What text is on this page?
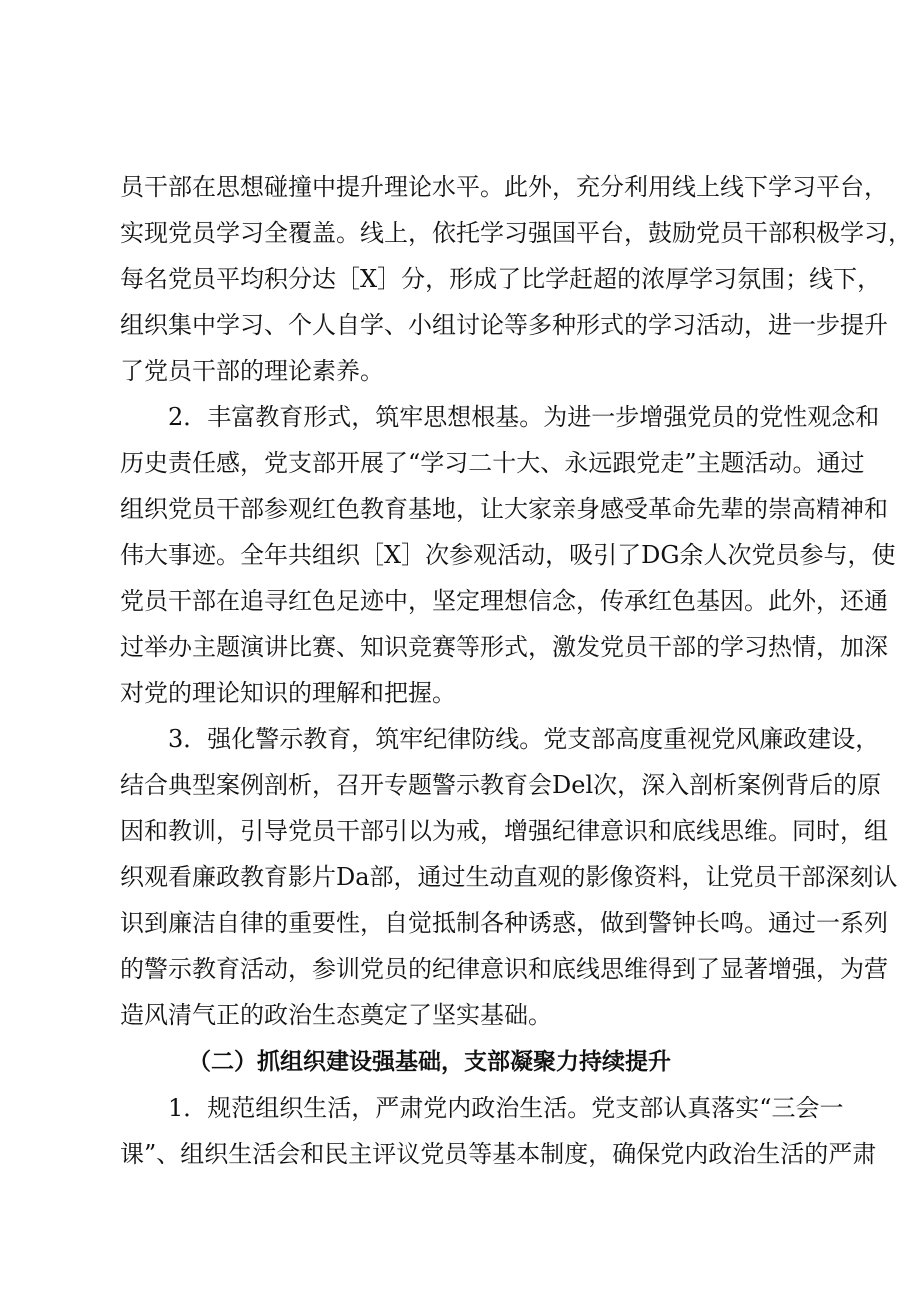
员干部在思想碰撞中提升理论水平。此外，充分利用线上线下学习平台，
实现党员学习全覆盖。线上，依托学习强国平台，鼓励党员干部积极学习，
每名党员平均积分达［X］分，形成了比学赶超的浓厚学习氛围；线下，
组织集中学习、个人自学、小组讨论等多种形式的学习活动，进一步提升
了党员干部的理论素养。
2．丰富教育形式，筑牢思想根基。为进一步增强党员的党性观念和
历史责任感，党支部开展了“学习二十大、永远跟党走”主题活动。通过
组织党员干部参观红色教育基地，让大家亲身感受革命先辈的崇高精神和
伟大事迹。全年共组织［X］次参观活动，吸引了DG余人次党员参与，使
党员干部在追寻红色足迹中，坚定理想信念，传承红色基因。此外，还通
过举办主题演讲比赛、知识竞赛等形式，激发党员干部的学习热情，加深
对党的理论知识的理解和把握。
3．强化警示教育，筑牢纪律防线。党支部高度重视党风廉政建设，
结合典型案例剖析，召开专题警示教育会Del次，深入剖析案例背后的原
因和教训，引导党员干部引以为戒，增强纪律意识和底线思维。同时，组
织观看廉政教育影片Da部，通过生动直观的影像资料，让党员干部深刻认
识到廉洁自律的重要性，自觉抵制各种诱惑，做到警钟长鸣。通过一系列
的警示教育活动，参训党员的纪律意识和底线思维得到了显著增强，为营
造风清气正的政治生态奠定了坚实基础。
（二）抓组织建设强基础，支部凝聚力持续提升
1．规范组织生活，严肃党内政治生活。党支部认真落实“三会一
课”、组织生活会和民主评议党员等基本制度，确保党内政治生活的严肃
